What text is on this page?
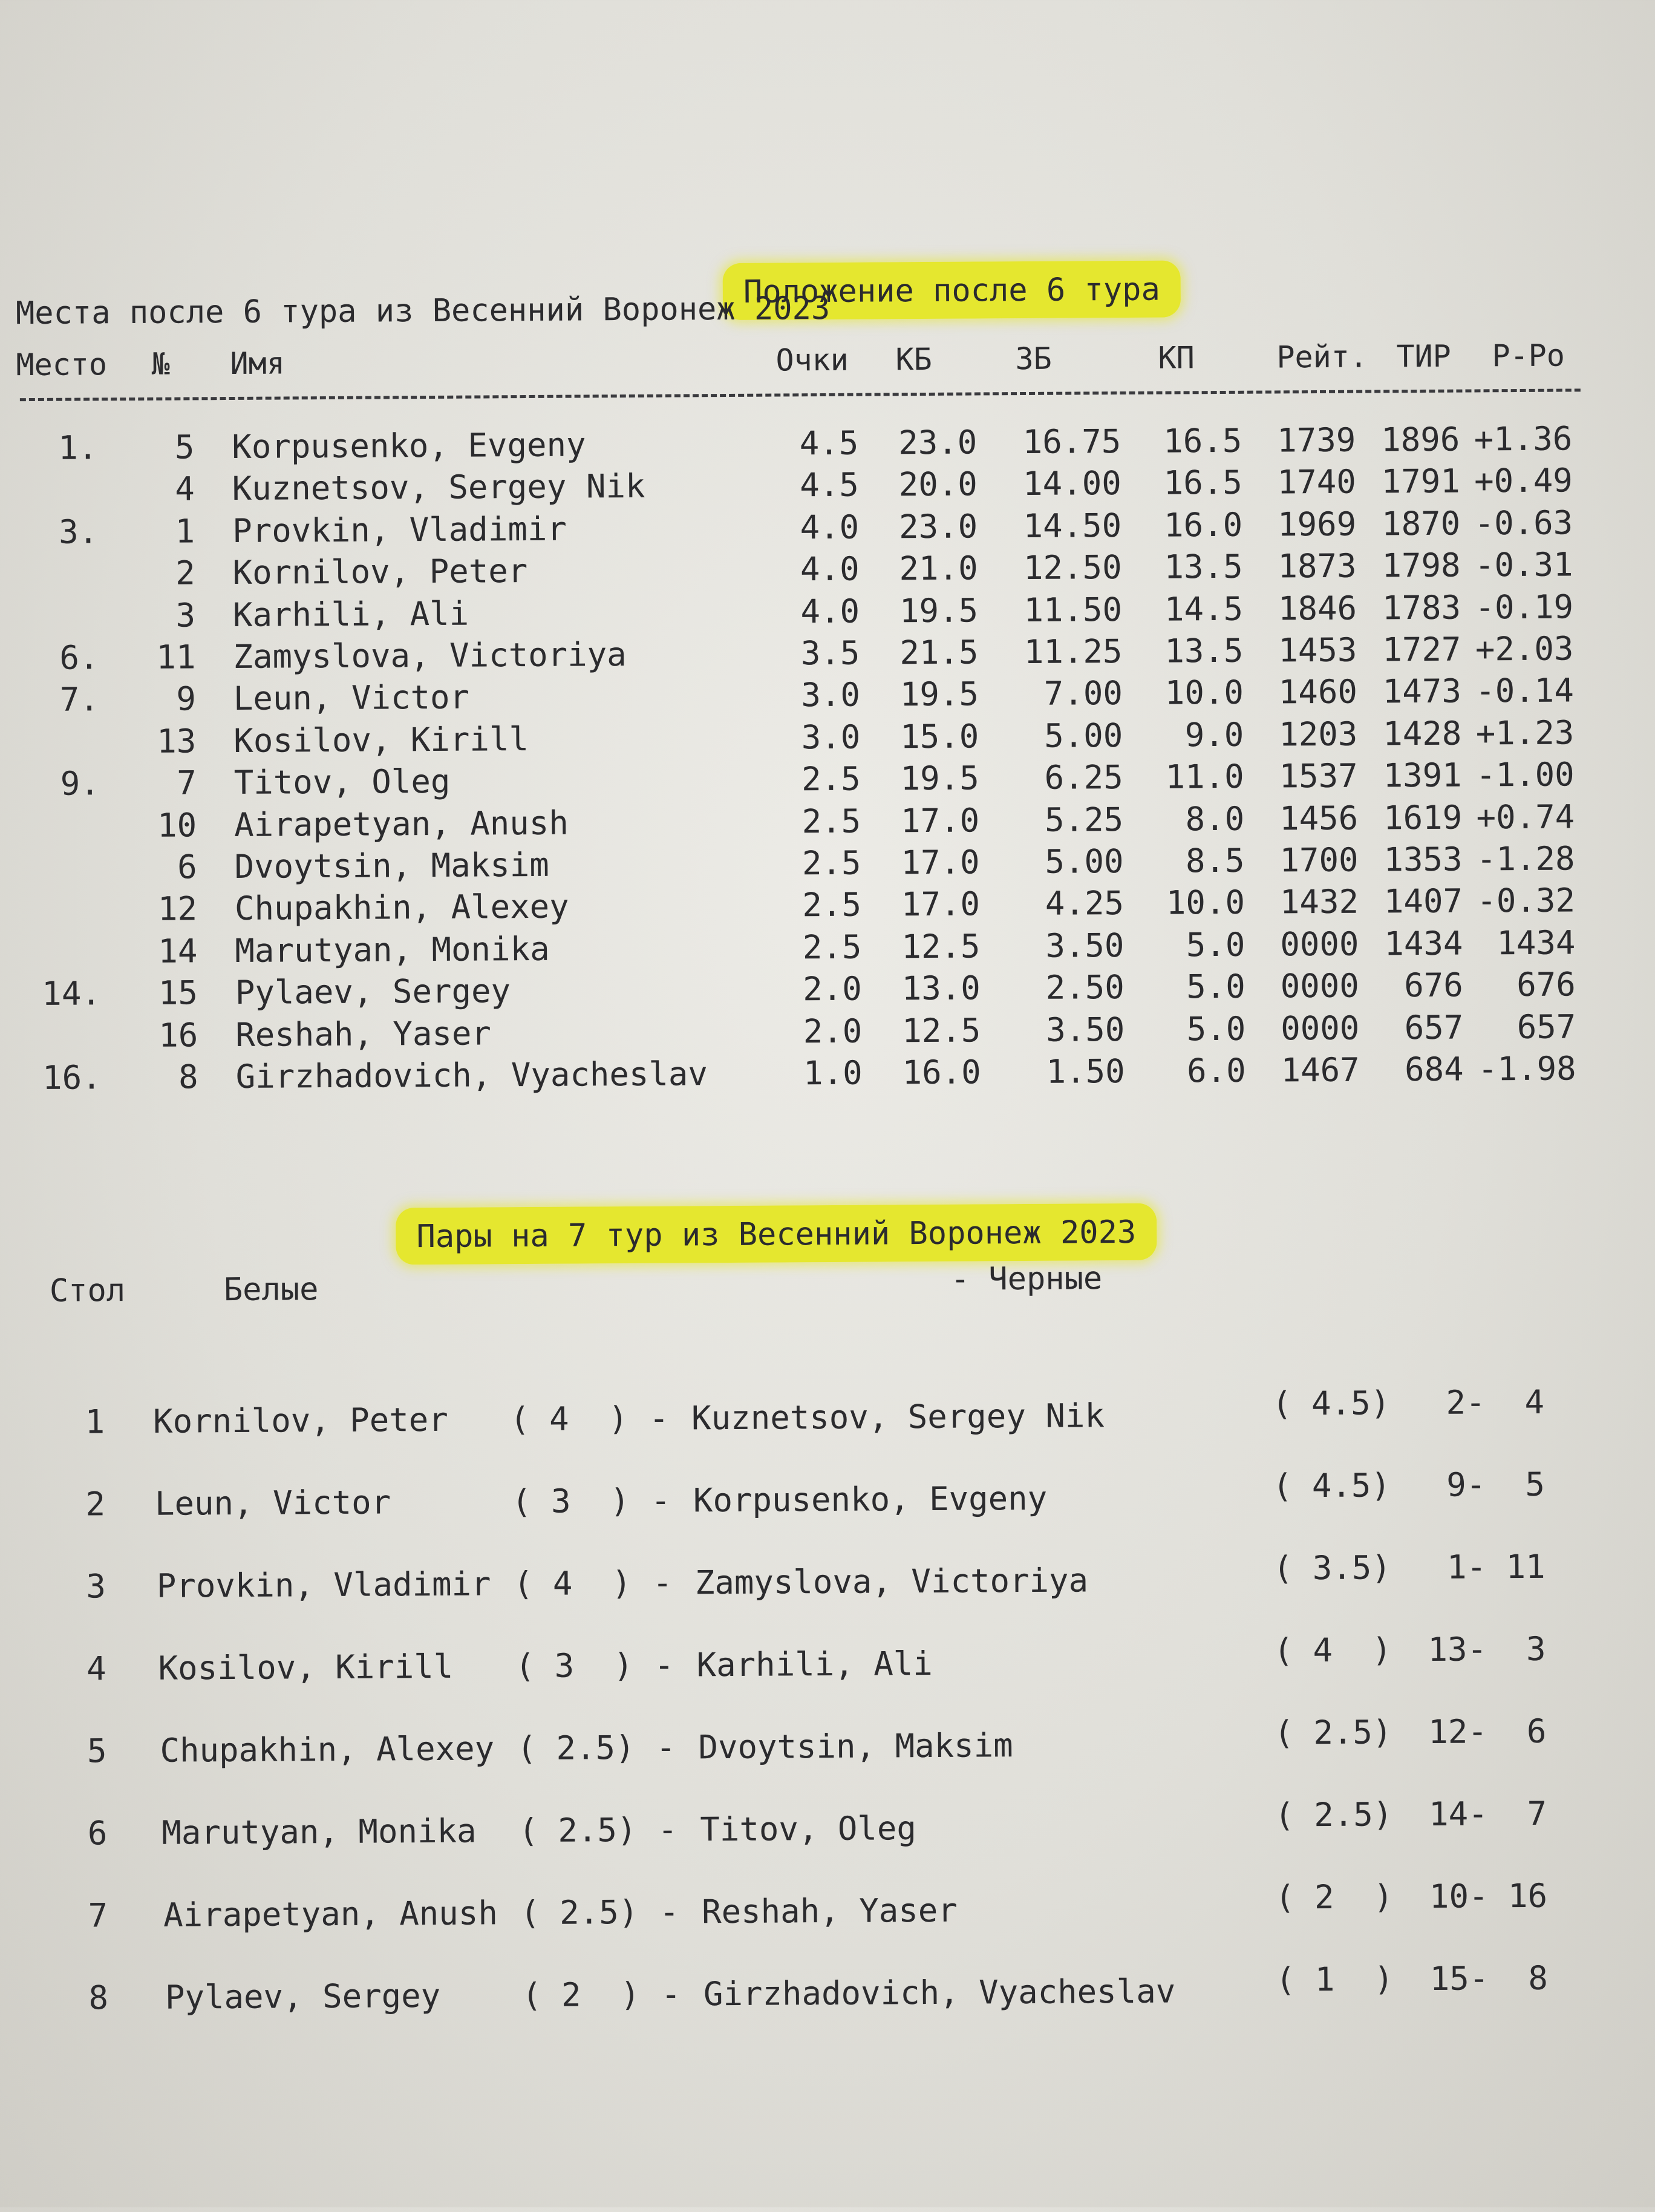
Положение после 6 тура

Места после 6 тура из Весенний Воронеж 2023
Место № Имя	Очки КБ	ЗБ	КП	Рейт. ТИР Р-Ро
1.	5 Korpusenko, Evgeny	4.5	23.0	16.75	16.5	1739 1896 +1.36
4 Kuznetsov, Sergey Nik	4.5	20.0	14.00	16.5	1740 1791 +0.49
3.	1 Provkin, Vladimir	4.0	23.0	14.50	16.0	1969 1870 -0.63
2 Kornilov, Peter	4.0	21.0	12.50	13.5	1873 1798 -0.31
3 Karhili, Ali	4.0	19.5	11.50	14.5	1846 1783 -0.19
6.	11 Zamyslova, Victoriya	3.5	21.5	11.25	13.5	1453 1727 +2.03
7.	9 Leun, Victor	3.0	19.5	7.00	10.0	1460 1473 -0.14
13 Kosilov, Kirill	3.0	15.0	5.00	9.0	1203 1428 +1.23
9.	7 Titov, Oleg	2.5	19.5	6.25	11.0	1537 1391 -1.00
10 Airapetyan, Anush	2.5	17.0	5.25	8.0	1456 1619 +0.74
6 Dvoytsin, Maksim	2.5	17.0	5.00	8.5	1700 1353 -1.28
12 Chupakhin, Alexey	2.5	17.0	4.25	10.0	1432 1407 -0.32
14 Marutyan, Monika	2.5	12.5	3.50	5.0	0000 1434	1434
14.	15 Pylaev, Sergey	2.0	13.0	2.50	5.0	0000	676	676
16 Reshah, Yaser	2.0	12.5	3.50	5.0	0000	657	657
16.	8 Girzhadovich, Vyacheslav	1.0	16.0	1.50	6.0	1467	684 -1.98

Пары на 7 тур из Весенний Воронеж 2023

Стол	Белые	- Черные
1 Kornilov, Peter	( 4  ) - Kuznetsov, Sergey Nik	( 4.5)	2-  4
2 Leun, Victor	( 3  ) - Korpusenko, Evgeny	( 4.5)	9-  5
3 Provkin, Vladimir ( 4  ) - Zamyslova, Victoriya	( 3.5)	1- 11
4 Kosilov, Kirill	( 3  ) - Karhili, Ali	( 4  )	13-  3
5 Chupakhin, Alexey ( 2.5) - Dvoytsin, Maksim	( 2.5)	12-  6
6 Marutyan, Monika	( 2.5) - Titov, Oleg	( 2.5)	14-  7
7 Airapetyan, Anush ( 2.5) - Reshah, Yaser	( 2  )	10- 16
8 Pylaev, Sergey	( 2  ) - Girzhadovich, Vyacheslav	( 1  )	15-  8
